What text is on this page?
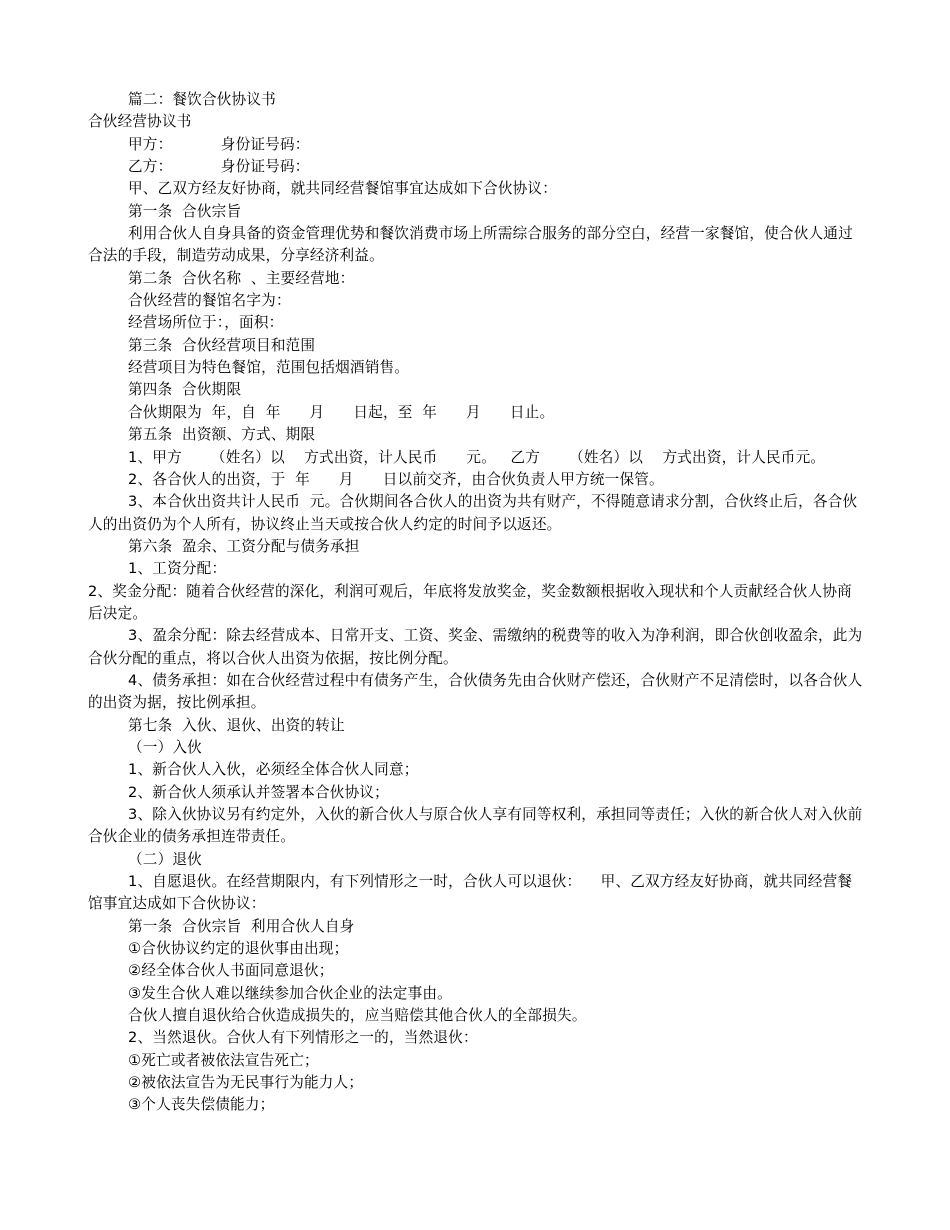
篇二：餐饮合伙协议书

合伙经营协议书

甲方：          身份证号码：

乙方：          身份证号码：

甲、乙双方经友好协商，就共同经营餐馆事宜达成如下合伙协议：

第一条  合伙宗旨

利用合伙人自身具备的资金管理优势和餐饮消费市场上所需综合服务的部分空白，经营一家餐馆，使合伙人通过合法的手段，制造劳动成果，分享经济利益。

第二条  合伙名称  、主要经营地：

合伙经营的餐馆名字为：

经营场所位于：，面积：

第三条  合伙经营项目和范围

经营项目为特色餐馆，范围包括烟酒销售。

第四条  合伙期限

合伙期限为  年，自  年      月      日起，至  年      月      日止。

第五条  出资额、方式、期限

1、甲方      （姓名）以    方式出资，计人民币      元。   乙方      （姓名）以    方式出资，计人民币元。

2、各合伙人的出资，于  年      月      日以前交齐，由合伙负责人甲方统一保管。

3、本合伙出资共计人民币  元。合伙期间各合伙人的出资为共有财产，不得随意请求分割，合伙终止后，各合伙人的出资仍为个人所有，协议终止当天或按合伙人约定的时间予以返还。

第六条  盈余、工资分配与债务承担

1、工资分配：

2、奖金分配：随着合伙经营的深化，利润可观后，年底将发放奖金，奖金数额根据收入现状和个人贡献经合伙人协商后决定。

3、盈余分配：除去经营成本、日常开支、工资、奖金、需缴纳的税费等的收入为净利润，即合伙创收盈余，此为合伙分配的重点，将以合伙人出资为依据，按比例分配。

4、债务承担：如在合伙经营过程中有债务产生，合伙债务先由合伙财产偿还，合伙财产不足清偿时，以各合伙人的出资为据，按比例承担。

第七条  入伙、退伙、出资的转让

（一）入伙

1、新合伙人入伙，必须经全体合伙人同意；

2、新合伙人须承认并签署本合伙协议；

3、除入伙协议另有约定外，入伙的新合伙人与原合伙人享有同等权利，承担同等责任；入伙的新合伙人对入伙前合伙企业的债务承担连带责任。

（二）退伙

1、自愿退伙。在经营期限内，有下列情形之一时，合伙人可以退伙：    甲、乙双方经友好协商，就共同经营餐馆事宜达成如下合伙协议：

第一条  合伙宗旨  利用合伙人自身

①合伙协议约定的退伙事由出现；

②经全体合伙人书面同意退伙；

③发生合伙人难以继续参加合伙企业的法定事由。

合伙人擅自退伙给合伙造成损失的，应当赔偿其他合伙人的全部损失。

2、当然退伙。合伙人有下列情形之一的，当然退伙：

①死亡或者被依法宣告死亡；

②被依法宣告为无民事行为能力人；

③个人丧失偿债能力；
